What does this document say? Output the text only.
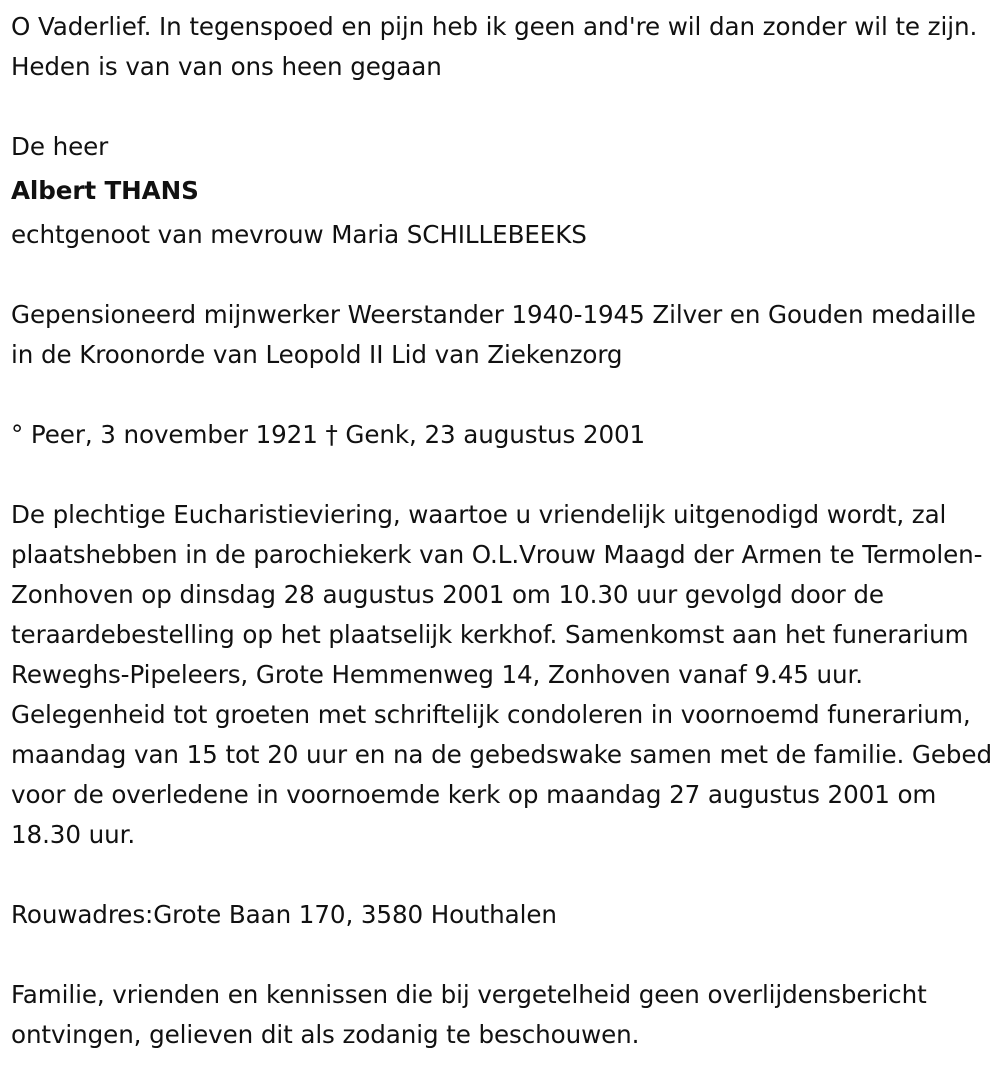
O Vaderlief. In tegenspoed en pijn heb ik geen and're wil dan zonder wil te zijn. Heden is van van ons heen gegaan

De heer

Albert THANS

echtgenoot van mevrouw Maria SCHILLEBEEKS

Gepensioneerd mijnwerker Weerstander 1940-1945 Zilver en Gouden medaille in de Kroonorde van Leopold II Lid van Ziekenzorg

° Peer, 3 november 1921 † Genk, 23 augustus 2001

De plechtige Eucharistieviering, waartoe u vriendelijk uitgenodigd wordt, zal plaatshebben in de parochiekerk van O.L.Vrouw Maagd der Armen te Termolen-Zonhoven op dinsdag 28 augustus 2001 om 10.30 uur gevolgd door de teraardebestelling op het plaatselijk kerkhof. Samenkomst aan het funerarium Reweghs-Pipeleers, Grote Hemmenweg 14, Zonhoven vanaf 9.45 uur. Gelegenheid tot groeten met schriftelijk condoleren in voornoemd funerarium, maandag van 15 tot 20 uur en na de gebedswake samen met de familie. Gebed voor de overledene in voornoemde kerk op maandag 27 augustus 2001 om 18.30 uur.

Rouwadres:Grote Baan 170, 3580 Houthalen

Familie, vrienden en kennissen die bij vergetelheid geen overlijdensbericht ontvingen, gelieven dit als zodanig te beschouwen.
